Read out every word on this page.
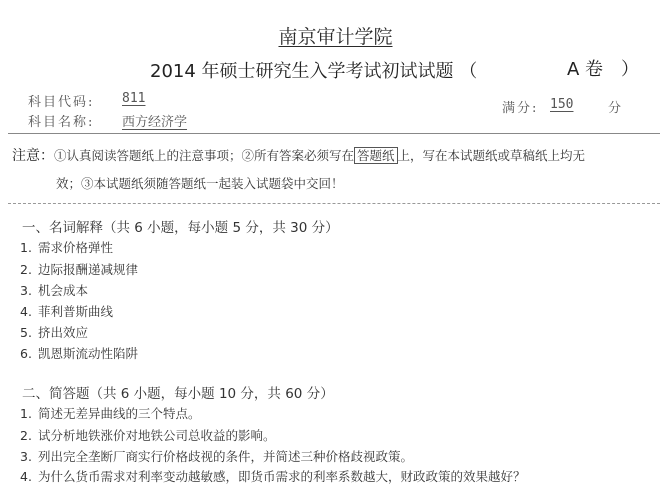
南京审计学院
2014 年硕士研究生入学考试初试试题 （	A 卷 ）
科目代码: 811
科目名称: 西方经济学
满分: 150	分
注意：①认真阅读答题纸上的注意事项；②所有答案必须写在 答题纸 上，写在本试题纸或草稿纸上均无
效；③本试题纸须随答题纸一起装入试题袋中交回！
一、名词解释（共 6 小题，每小题 5 分，共 30 分）
1. 需求价格弹性
2. 边际报酬递减规律
3. 机会成本
4. 菲利普斯曲线
5. 挤出效应
6. 凯恩斯流动性陷阱
二、简答题（共 6 小题，每小题 10 分，共 60 分）
1. 简述无差异曲线的三个特点。
2. 试分析地铁涨价对地铁公司总收益的影响。
3. 列出完全垄断厂商实行价格歧视的条件，并简述三种价格歧视政策。
4. 为什么货币需求对利率变动越敏感，即货币需求的利率系数越大，财政政策的效果越好？
